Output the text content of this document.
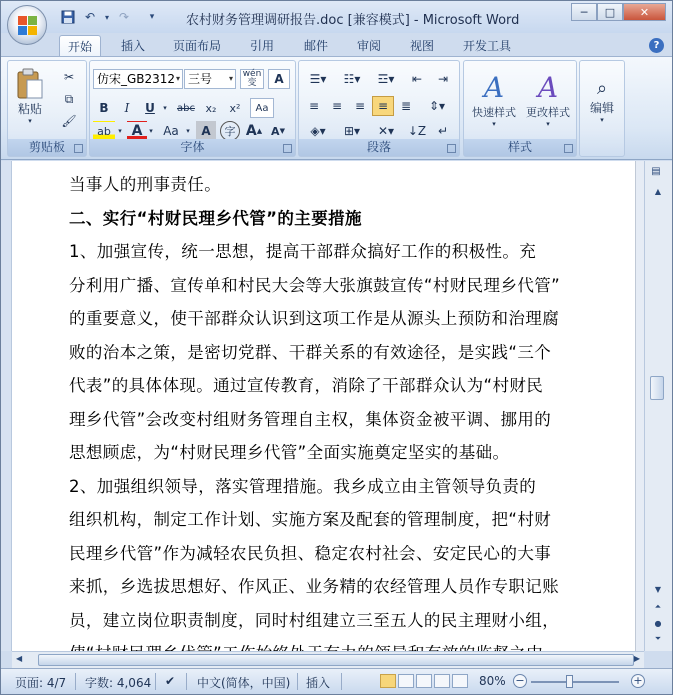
↶	▾ ↷	▾	农村财务管理调研报告.doc [兼容模式] - Microsoft Word
─	□	✕
开始	插入	页面布局	引用	邮件	审阅	视图	开发工具	?
粘贴
▾
✂
⧉
🖌
剪贴板
仿宋_GB2312 ▾ 三号 ▾ wén
变	A
B	I	U	▾	abc x₂	x²	Aa
ab	▾ A ▾ Aa	▾ A	字 A ▲ A ▼
字体
☰▾	☷▾	☲▾	⇤	⇥
≡	≡	≡	≡	≣	⇕▾
◈▾	⊞▾	✕▾	↓Z ↵
段落
A
快速样式
▾
A
更改样式
▾
样式
⌕
编辑
▾
当事人的刑事责任。
二、实行“村财民理乡代管”的主要措施
1、加强宣传，统一思想，提高干部群众搞好工作的积极性。充
分利用广播、宣传单和村民大会等大张旗鼓宣传“村财民理乡代管”
的重要意义，使干部群众认识到这项工作是从源头上预防和治理腐
败的治本之策，是密切党群、干群关系的有效途径，是实践“三个
代表”的具体体现。通过宣传教育，消除了干部群众认为“村财民
理乡代管”会改变村组财务管理自主权，集体资金被平调、挪用的
思想顾虑，为“村财民理乡代管”全面实施奠定坚实的基础。
2、加强组织领导，落实管理措施。我乡成立由主管领导负责的
组织机构，制定工作计划、实施方案及配套的管理制度，把“村财
民理乡代管”作为减轻农民负担、稳定农村社会、安定民心的大事
来抓，乡选拔思想好、作风正、业务精的农经管理人员作专职记账
员，建立岗位职责制度，同时村组建立三至五人的民主理财小组，
▲
▼
⏶
●
⏷
▤
◀	▶
页面: 4/7 字数: 4,064 ✔ 中文(简体，中国) 插入	80% −	+
